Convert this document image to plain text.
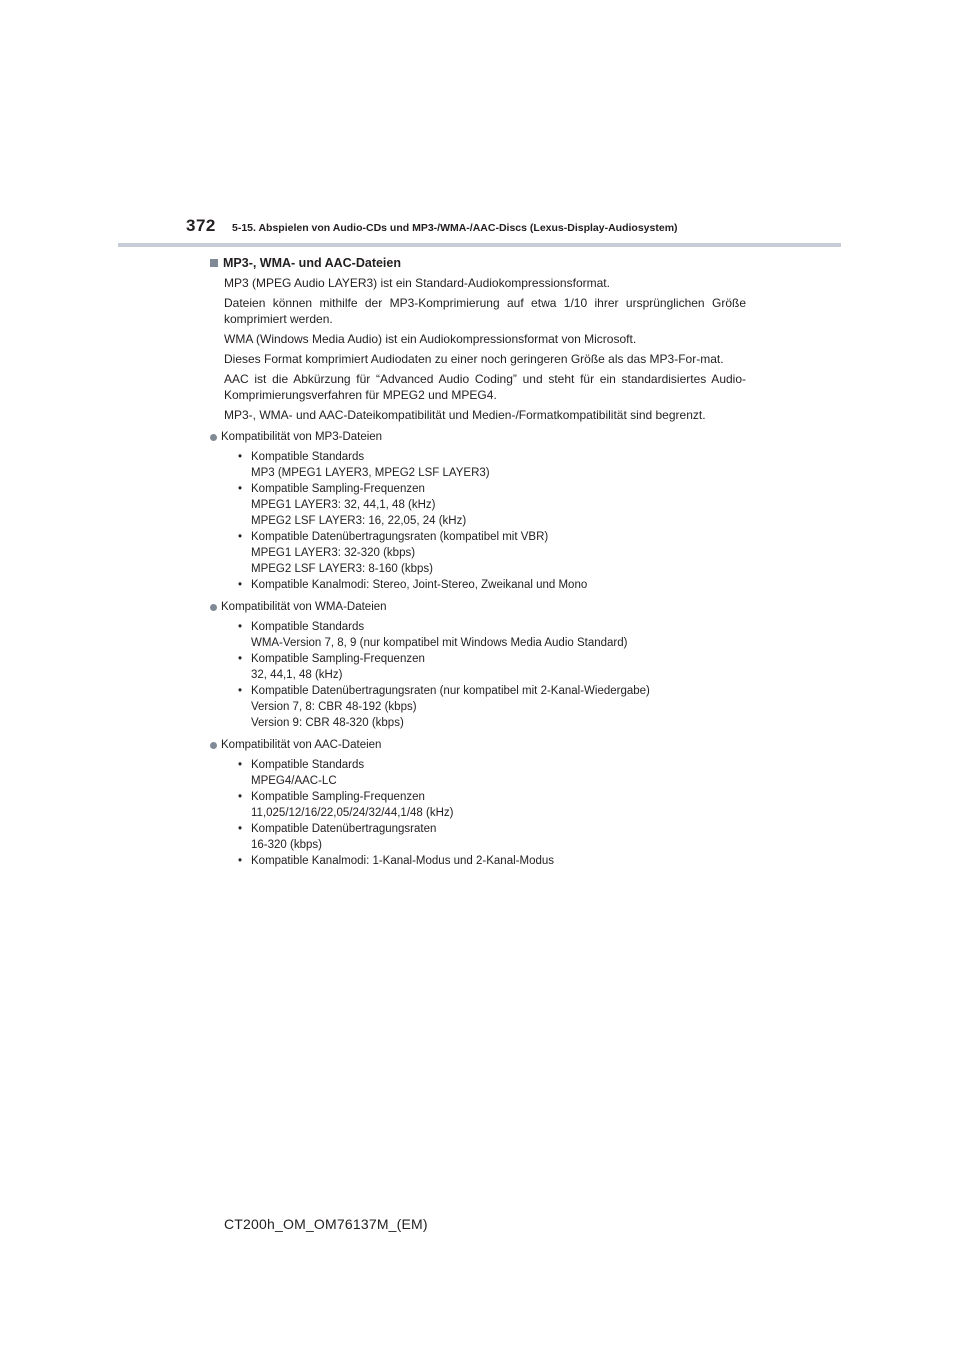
372 5-15. Abspielen von Audio-CDs und MP3-/WMA-/AAC-Discs (Lexus-Display-Audiosystem)
MP3-, WMA- und AAC-Dateien

MP3 (MPEG Audio LAYER3) ist ein Standard-Audiokompressionsformat.

Dateien können mithilfe der MP3-Komprimierung auf etwa 1/10 ihrer ursprünglichen Größe komprimiert werden.

WMA (Windows Media Audio) ist ein Audiokompressionsformat von Microsoft.

Dieses Format komprimiert Audiodaten zu einer noch geringeren Größe als das MP3-For-mat.

AAC ist die Abkürzung für “Advanced Audio Coding” und steht für ein standardisiertes Audio-Komprimierungsverfahren für MPEG2 und MPEG4.

MP3-, WMA- und AAC-Dateikompatibilität und Medien-/Formatkompatibilität sind begrenzt.

Kompatibilität von MP3-Dateien
• Kompatible Standards
MP3 (MPEG1 LAYER3, MPEG2 LSF LAYER3)
• Kompatible Sampling-Frequenzen
MPEG1 LAYER3: 32, 44,1, 48 (kHz)
MPEG2 LSF LAYER3: 16, 22,05, 24 (kHz)
• Kompatible Datenübertragungsraten (kompatibel mit VBR)
MPEG1 LAYER3: 32-320 (kbps)
MPEG2 LSF LAYER3: 8-160 (kbps)
• Kompatible Kanalmodi: Stereo, Joint-Stereo, Zweikanal und Mono
Kompatibilität von WMA-Dateien
• Kompatible Standards
WMA-Version 7, 8, 9 (nur kompatibel mit Windows Media Audio Standard)
• Kompatible Sampling-Frequenzen
32, 44,1, 48 (kHz)
• Kompatible Datenübertragungsraten (nur kompatibel mit 2-Kanal-Wiedergabe)
Version 7, 8: CBR 48-192 (kbps)
Version 9: CBR 48-320 (kbps)
Kompatibilität von AAC-Dateien
• Kompatible Standards
MPEG4/AAC-LC
• Kompatible Sampling-Frequenzen
11,025/12/16/22,05/24/32/44,1/48 (kHz)
• Kompatible Datenübertragungsraten
16-320 (kbps)
• Kompatible Kanalmodi: 1-Kanal-Modus und 2-Kanal-Modus
CT200h_OM_OM76137M_(EM)
